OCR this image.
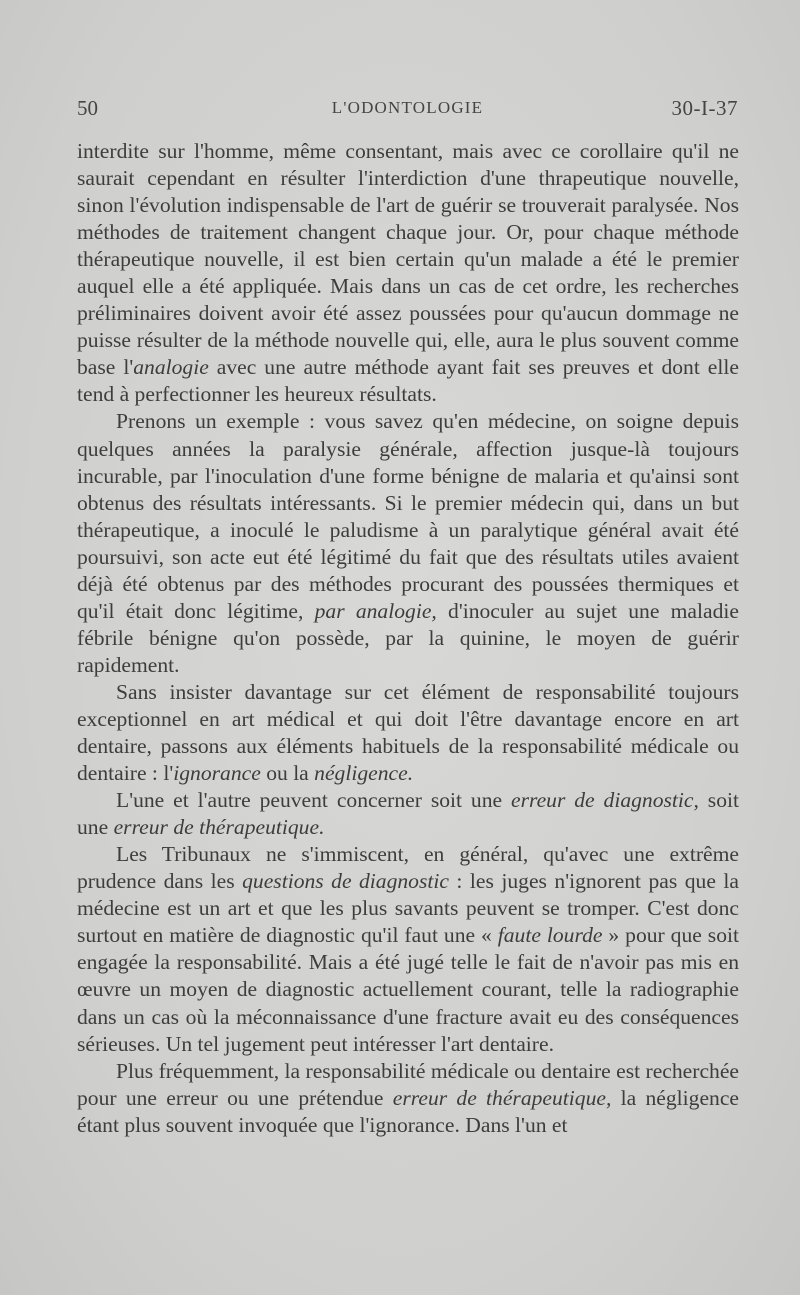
50	L'ODONTOLOGIE	30-I-37

interdite sur l'homme, même consentant, mais avec ce corollaire qu'il ne saurait cependant en résulter l'interdiction d'une thrapeutique nouvelle, sinon l'évolution indispensable de l'art de guérir se trouverait paralysée. Nos méthodes de traitement changent chaque jour. Or, pour chaque méthode thérapeutique nouvelle, il est bien certain qu'un malade a été le premier auquel elle a été appliquée. Mais dans un cas de cet ordre, les recherches préliminaires doivent avoir été assez poussées pour qu'aucun dommage ne puisse résulter de la méthode nouvelle qui, elle, aura le plus souvent comme base l'analogie avec une autre méthode ayant fait ses preuves et dont elle tend à perfectionner les heureux résultats.

Prenons un exemple : vous savez qu'en médecine, on soigne depuis quelques années la paralysie générale, affection jusque-là toujours incurable, par l'inoculation d'une forme bénigne de malaria et qu'ainsi sont obtenus des résultats intéressants. Si le premier médecin qui, dans un but thérapeutique, a inoculé le paludisme à un paralytique général avait été poursuivi, son acte eut été légitimé du fait que des résultats utiles avaient déjà été obtenus par des méthodes procurant des poussées thermiques et qu'il était donc légitime, par analogie, d'inoculer au sujet une maladie fébrile bénigne qu'on possède, par la quinine, le moyen de guérir rapidement.

Sans insister davantage sur cet élément de responsabilité toujours exceptionnel en art médical et qui doit l'être davantage encore en art dentaire, passons aux éléments habituels de la responsabilité médicale ou dentaire : l'ignorance ou la négligence.

L'une et l'autre peuvent concerner soit une erreur de diagnostic, soit une erreur de thérapeutique.

Les Tribunaux ne s'immiscent, en général, qu'avec une extrême prudence dans les questions de diagnostic : les juges n'ignorent pas que la médecine est un art et que les plus savants peuvent se tromper. C'est donc surtout en matière de diagnostic qu'il faut une « faute lourde » pour que soit engagée la responsabilité. Mais a été jugé telle le fait de n'avoir pas mis en œuvre un moyen de diagnostic actuellement courant, telle la radiographie dans un cas où la méconnaissance d'une fracture avait eu des conséquences sérieuses. Un tel jugement peut intéresser l'art dentaire.

Plus fréquemment, la responsabilité médicale ou dentaire est recherchée pour une erreur ou une prétendue erreur de thérapeutique, la négligence étant plus souvent invoquée que l'ignorance. Dans l'un et
